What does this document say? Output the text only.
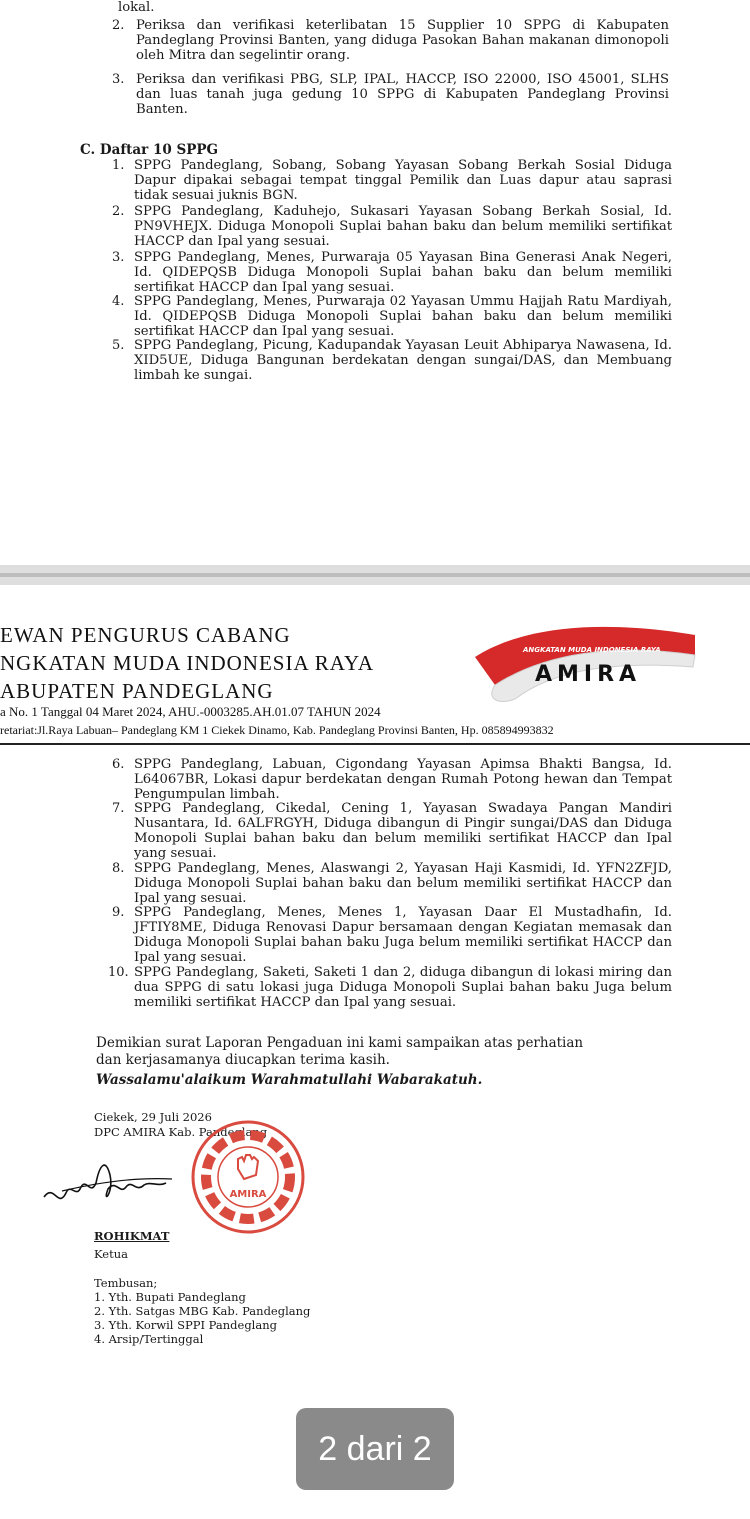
lokal.
2. Periksa dan verifikasi keterlibatan 15 Supplier 10 SPPG di Kabupaten Pandeglang Provinsi Banten, yang diduga Pasokan Bahan makanan dimonopoli oleh Mitra dan segelintir orang.

3. Periksa dan verifikasi PBG, SLP, IPAL, HACCP, ISO 22000, ISO 45001, SLHS dan luas tanah juga gedung 10 SPPG di Kabupaten Pandeglang Provinsi Banten.

C. Daftar 10 SPPG
1. SPPG Pandeglang, Sobang, Sobang Yayasan Sobang Berkah Sosial Diduga Dapur dipakai sebagai tempat tinggal Pemilik dan Luas dapur atau saprasi tidak sesuai juknis BGN.

2. SPPG Pandeglang, Kaduhejo, Sukasari Yayasan Sobang Berkah Sosial, Id. PN9VHEJX. Diduga Monopoli Suplai bahan baku dan belum memiliki sertifikat HACCP dan Ipal yang sesuai.

3. SPPG Pandeglang, Menes, Purwaraja 05 Yayasan Bina Generasi Anak Negeri, Id. QIDEPQSB Diduga Monopoli Suplai bahan baku dan belum memiliki sertifikat HACCP dan Ipal yang sesuai.

4. SPPG Pandeglang, Menes, Purwaraja 02 Yayasan Ummu Hajjah Ratu Mardiyah, Id. QIDEPQSB Diduga Monopoli Suplai bahan baku dan belum memiliki sertifikat HACCP dan Ipal yang sesuai.

5. SPPG Pandeglang, Picung, Kadupandak Yayasan Leuit Abhiparya Nawasena, Id. XID5UE, Diduga Bangunan berdekatan dengan sungai/DAS, dan Membuang limbah ke sungai.

EWAN PENGURUS CABANG
NGKATAN MUDA INDONESIA RAYA
ABUPATEN PANDEGLANG
a No. 1 Tanggal 04 Maret 2024, AHU.-0003285.AH.01.07 TAHUN 2024
retariat:Jl.Raya Labuan– Pandeglang KM 1 Ciekek Dinamo, Kab. Pandeglang Provinsi Banten, Hp. 085894993832
ANGKATAN MUDA INDONESIA RAYA
AMIRA
6. SPPG Pandeglang, Labuan, Cigondang Yayasan Apimsa Bhakti Bangsa, Id. L64067BR, Lokasi dapur berdekatan dengan Rumah Potong hewan dan Tempat Pengumpulan limbah.

7. SPPG Pandeglang, Cikedal, Cening 1, Yayasan Swadaya Pangan Mandiri Nusantara, Id. 6ALFRGYH, Diduga dibangun di Pingir sungai/DAS dan Diduga Monopoli Suplai bahan baku dan belum memiliki sertifikat HACCP dan Ipal yang sesuai.

8. SPPG Pandeglang, Menes, Alaswangi 2, Yayasan Haji Kasmidi, Id. YFN2ZFJD, Diduga Monopoli Suplai bahan baku dan belum memiliki sertifikat HACCP dan Ipal yang sesuai.

9. SPPG Pandeglang, Menes, Menes 1, Yayasan Daar El Mustadhafin, Id. JFTIY8ME, Diduga Renovasi Dapur bersamaan dengan Kegiatan memasak dan Diduga Monopoli Suplai bahan baku Juga belum memiliki sertifikat HACCP dan Ipal yang sesuai.

10. SPPG Pandeglang, Saketi, Saketi 1 dan 2, diduga dibangun di lokasi miring dan dua SPPG di satu lokasi juga Diduga Monopoli Suplai bahan baku Juga belum memiliki sertifikat HACCP dan Ipal yang sesuai.

Demikian surat Laporan Pengaduan ini kami sampaikan atas perhatian dan kerjasamanya diucapkan terima kasih.

Wassalamu'alaikum Warahmatullahi Wabarakatuh.

Ciekek, 29 Juli 2026
DPC AMIRA Kab. Pandeglang
AMIRA
ROHIKMAT
Ketua
Tembusan;
1. Yth. Bupati Pandeglang
2. Yth. Satgas MBG Kab. Pandeglang
3. Yth. Korwil SPPI Pandeglang
4. Arsip/Tertinggal
2 dari 2
